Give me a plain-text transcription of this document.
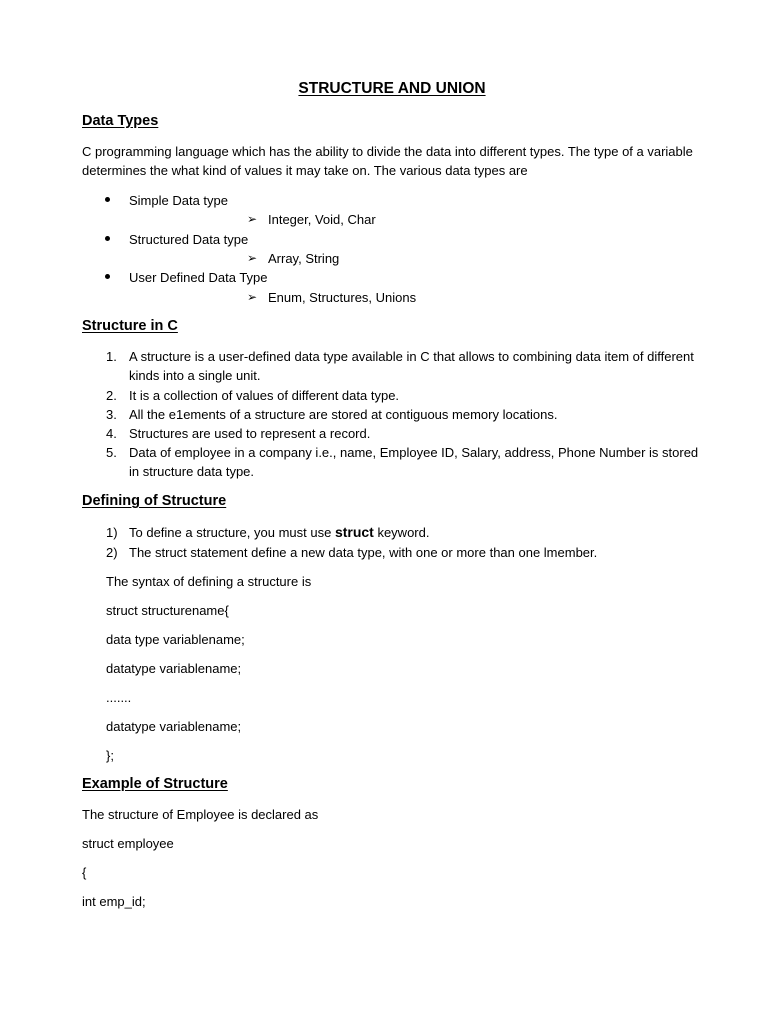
STRUCTURE AND UNION
Data Types
C programming language which has the ability to divide the data into different types. The type of a variable determines the what kind of values it may take on. The various data types are
Simple Data type
➢ Integer, Void, Char
Structured Data type
➢ Array, String
User Defined Data Type
➢ Enum, Structures, Unions
Structure in C
1. A structure is a user-defined data type available in C that allows to combining data item of different kinds into a single unit.
2. It is a collection of values of different data type.
3. All the e1ements of a structure are stored at contiguous memory locations.
4. Structures are used to represent a record.
5. Data of employee in a company i.e., name, Employee ID, Salary, address, Phone Number is stored in structure data type.
Defining of Structure
1) To define a structure, you must use struct keyword.
2) The struct statement define a new data type, with one or more than one lmember.
The syntax of defining a structure is
struct structurename{
data type variablename;
datatype variablename;
.......
datatype variablename;
};
Example of Structure
The structure of Employee is declared as
struct employee
{
int emp_id;
